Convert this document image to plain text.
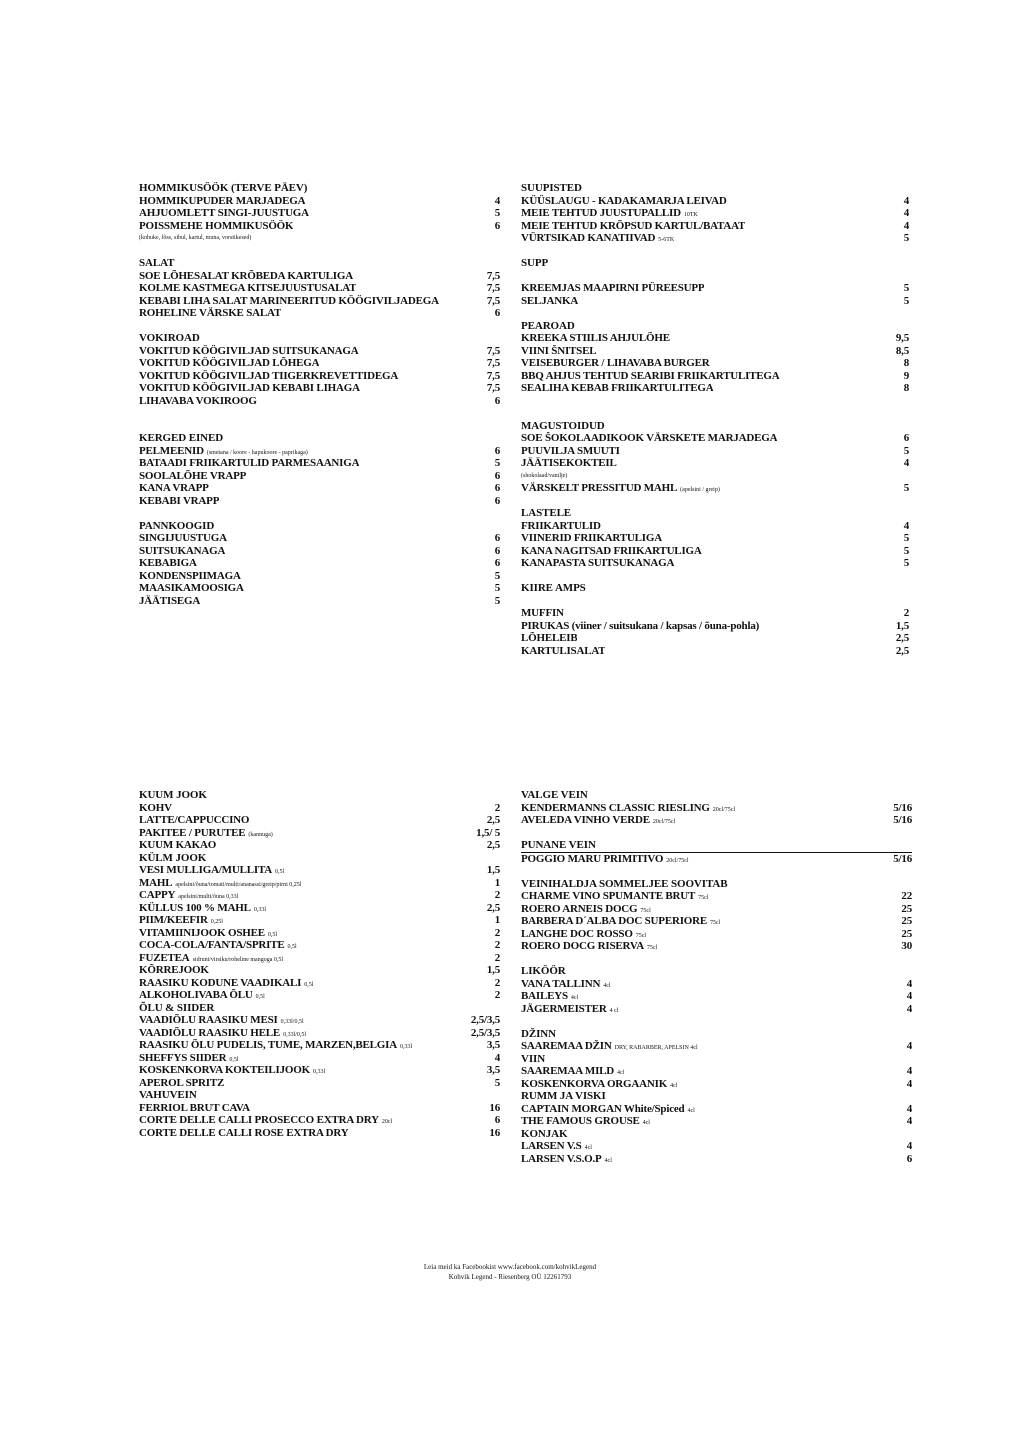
HOMMIKUSÖÖK (TERVE PÄEV)
HOMMIKUPUDER MARJADEGA	4
AHJUOMLETT SINGI-JUUSTUGA	5
POISSMEHE HOMMIKUSÖÖK	6
(kohuke, lõss, sibul, kartul, muna, vorstikesed)
SALAT
SOE LÕHESALAT KRÕBEDA KARTULIGA	7,5
KOLME KASTMEGA KITSEJUUSTUSALAT	7,5
KEBABI LIHA SALAT MARINEERITUD KÖÖGIVILJADEGA	7,5
ROHELINE VÄRSKE SALAT	6
VOKIROAD
VOKITUD KÖÖGIVILJAD SUITSUKANAGA	7,5
VOKITUD KÖÖGIVILJAD LÕHEGA	7,5
VOKITUD KÖÖGIVILJAD TIIGERKREVETTIDEGA	7,5
VOKITUD KÖÖGIVILJAD KEBABI LIHAGA	7,5
LIHAVABA VOKIROOG	6
KERGED EINED
PELMEENID (smetana / koore - hapukoore - paprikaga)	6
BATAADI FRIIKARTULID PARMESAANIGA	5
SOOLALÕHE VRAPP	6
KANA VRAPP	6
KEBABI VRAPP	6
PANNKOOGID
SINGIJUUSTUGA	6
SUITSUKANAGA	6
KEBABIGA	6
KONDENSPIIMAGA	5
MAASIKAMOOSIGA	5
JÄÄTISEGA	5
SUUPISTED
KÜÜSLAUGU - KADAKAMARJA LEIVAD	4
MEIE TEHTUD JUUSTUPALLID 10TK	4
MEIE TEHTUD KRÕPSUD KARTUL/BATAAT	4
VÜRTSIKAD KANATIIVAD 5-6TK	5
SUPP
KREEMJAS MAAPIRNI PÜREESUPP	5
SELJANKA	5
PEAROAD
KREEKA STIILIS AHJULÕHE	9,5
VIINI ŠNITSEL	8,5
VEISEBURGER / LIHAVABA BURGER	8
BBQ AHJUS TEHTUD SEARIBI FRIIKARTULITEGA	9
SEALIHA KEBAB FRIIKARTULITEGA	8
MAGUSTOIDUD
SOE ŠOKOLAADIKOOK VÄRSKETE MARJADEGA	6
PUUVILJA SMUUTI	5
JÄÄTISEKOKTEIL	4
(shokolaad/vanilje)
VÄRSKELT PRESSITUD MAHL (apelsini / greip)	5
LASTELE
FRIIKARTULID	4
VIINERID FRIIKARTULIGA	5
KANA NAGITSAD FRIIKARTULIGA	5
KANAPASTA SUITSUKANAGA	5
KIIRE AMPS
MUFFIN	2
PIRUKAS (viiner / suitsukana / kapsas / õuna-pohla)	1,5
LÕHELEIB	2,5
KARTULISALAT	2,5
KUUM JOOK
KOHV	2
LATTE/CAPPUCCINO	2,5
PAKITEE / PURUTEE (kannuga)	1,5/ 5
KUUM KAKAO	2,5
KÜLM JOOK
VESI MULLIGA/MULLITA 0,5l	1,5
MAHL apelsini/õuna/tomati/multi/ananassi/greip/pirni 0,25l	1
CAPPY apelsini/multi/õuna 0,33l	2
KÜLLUS 100 % MAHL 0,33l	2,5
PIIM/KEEFIR 0,25l	1
VITAMIINIJOOK OSHEE 0,5l	2
COCA-COLA/FANTA/SPRITE 0,5l	2
FUZETEA sidruni/virsiku/roheline mangoga 0,5l	2
KÕRREJOOK	1,5
RAASIKU KODUNE VAADIKALI 0,5l	2
ALKOHOLIVABA ÕLU 0,5l	2
ÕLU & SIIDER
VAADIÕLU RAASIKU MESI 0,33l/0,5l	2,5/3,5
VAADIÕLU RAASIKU HELE 0,33l/0,5l	2,5/3,5
RAASIKU ÕLU PUDELIS, TUME, MARZEN,BELGIA 0,33l	3,5
SHEFFYS SIIDER 0,5l	4
KOSKENKORVA KOKTEILIJOOK 0,33l	3,5
APEROL SPRITZ	5
VAHUVEIN
FERRIOL BRUT CAVA	16
CORTE DELLE CALLI PROSECCO EXTRA DRY 20cl	6
CORTE DELLE CALLI ROSE EXTRA DRY	16
VALGE VEIN
KENDERMANNS CLASSIC RIESLING 20cl/75cl	5/16
AVELEDA VINHO VERDE 20cl/75cl	5/16
PUNANE VEIN
POGGIO MARU PRIMITIVO 20cl/75cl	5/16
VEINIHALDJA SOMMELJEE SOOVITAB
CHARME VINO SPUMANTE BRUT 75cl	22
ROERO ARNEIS DOCG 75cl	25
BARBERA D´ALBA DOC SUPERIORE 75cl	25
LANGHE DOC ROSSO 75cl	25
ROERO DOCG RISERVA 75cl	30
LIKÖÖR
VANA TALLINN 4cl	4
BAILEYS 4cl	4
JÄGERMEISTER 4 cl	4
DŽINN
SAAREMAA DŽIN DRY, RABARBER, APELSIN 4cl	4
VIIN
SAAREMAA MILD 4cl	4
KOSKENKORVA ORGAANIK 4cl	4
RUMM JA VISKI
CAPTAIN MORGAN White/Spiced 4cl	4
THE FAMOUS GROUSE 4cl	4
KONJAK
LARSEN V.S 4cl	4
LARSEN V.S.O.P 4cl	6
Leia meid ka Facebookist www.facebook.com/kohvikLegend
Kohvik Legend - Riesenberg OÜ 12261793
